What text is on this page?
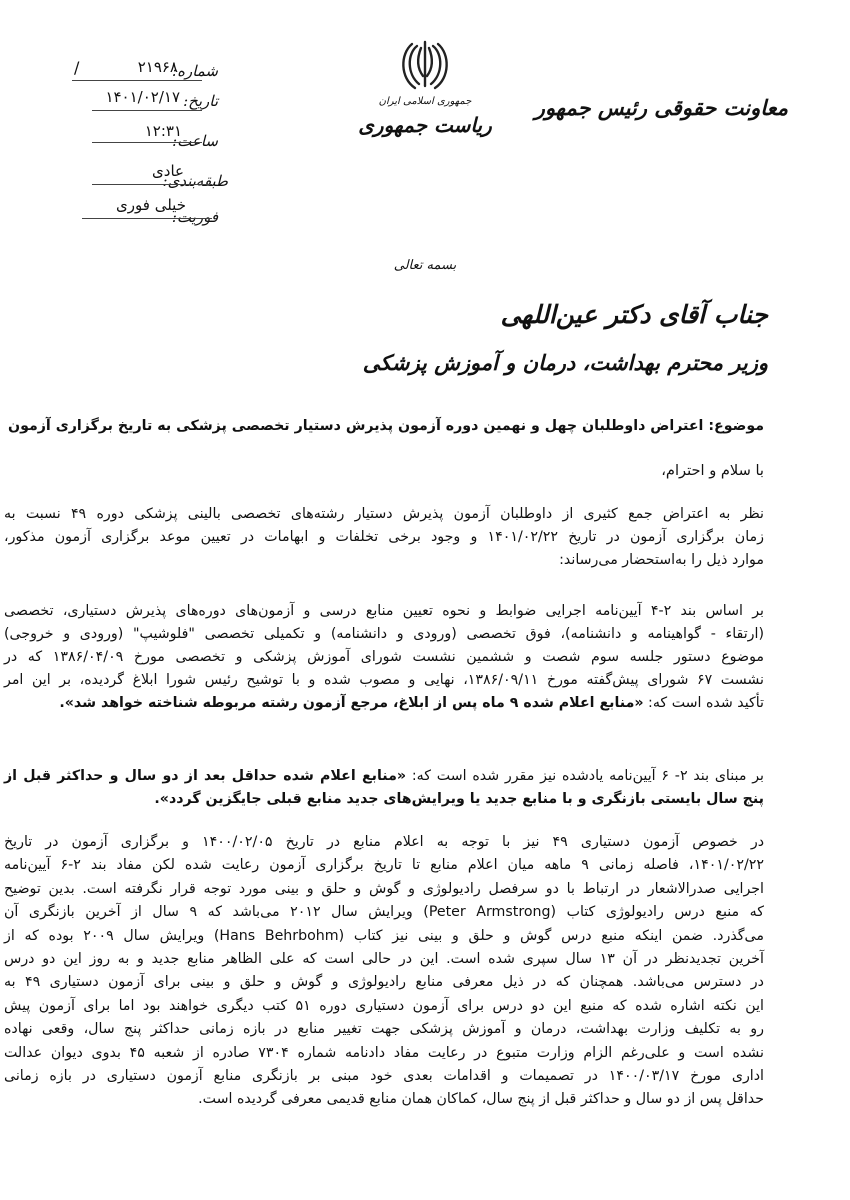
معاونت حقوقی رئیس جمهور
جمهوری اسلامی ایران
ریاست جمهوری
شماره:
۲۱۹۶۸
/
تاریخ:
۱۴۰۱/۰۲/۱۷
ساعت:
۱۲:۳۱
طبقه‌بندی:
عادی
فوریت:
خیلی فوری
بسمه تعالی
جناب آقای دکتر عین‌اللهی
وزیر محترم بهداشت، درمان و آموزش پزشکی
موضوع: اعتراض داوطلبان چهل و نهمین دوره آزمون پذیرش دستیار تخصصی پزشکی به تاریخ برگزاری آزمون
با سلام و احترام،
نظر به اعتراض جمع کثیری از داوطلبان آزمون پذیرش دستیار رشته‌های تخصصی بالینی پزشکی دوره ۴۹ نسبت به
زمان برگزاری آزمون در تاریخ ۱۴۰۱/۰۲/۲۲ و وجود برخی تخلفات و ابهامات در تعیین موعد برگزاری آزمون مذکور،
موارد ذیل را به‌استحضار می‌رساند:
بر اساس بند ۲-۴ آیین‌نامه اجرایی ضوابط و نحوه تعیین منابع درسی و آزمون‌های دوره‌های پذیرش دستیاری، تخصصی
(ارتقاء - گواهینامه و دانشنامه)، فوق تخصصی (ورودی و دانشنامه) و تکمیلی تخصصی "فلوشیپ" (ورودی و خروجی)
موضوع دستور جلسه سوم شصت و ششمین نشست شورای آموزش پزشکی و تخصصی مورخ ۱۳۸۶/۰۴/۰۹ که در
نشست ۶۷ شورای پیش‌گفته مورخ ۱۳۸۶/۰۹/۱۱، نهایی و مصوب شده و با توشیح رئیس شورا ابلاغ گردیده، بر این امر
تأکید شده است که: «منابع اعلام شده ۹ ماه پس از ابلاغ، مرجع آزمون رشته مربوطه شناخته خواهد شد».
بر مبنای بند ۲- ۶ آیین‌نامه یادشده نیز مقرر شده است که: «منابع اعلام شده حداقل بعد از دو سال و حداکثر قبل از
پنج سال بایستی بازنگری و با منابع جدید یا ویرایش‌های جدید منابع قبلی جایگزین گردد».
در خصوص آزمون دستیاری ۴۹ نیز با توجه به اعلام منابع در تاریخ ۱۴۰۰/۰۲/۰۵ و برگزاری آزمون در تاریخ
۱۴۰۱/۰۲/۲۲، فاصله زمانی ۹ ماهه میان اعلام منابع تا تاریخ برگزاری آزمون رعایت شده لکن مفاد بند ۲-۶ آیین‌نامه
اجرایی صدرالاشعار در ارتباط با دو سرفصل رادیولوژی و گوش و حلق و بینی مورد توجه قرار نگرفته است. بدین توضیح
که منبع درس رادیولوژی کتاب (Peter Armstrong) ویرایش سال ۲۰۱۲ می‌باشد که ۹ سال از آخرین بازنگری آن
می‌گذرد. ضمن اینکه منبع درس گوش و حلق و بینی نیز کتاب (Hans Behrbohm) ویرایش سال ۲۰۰۹ بوده که از
آخرین تجدیدنظر در آن ۱۳ سال سپری شده است. این در حالی است که علی الظاهر منابع جدید و به روز این دو درس
در دسترس می‌باشد. همچنان که در ذیل معرفی منابع رادیولوژی و گوش و حلق و بینی برای آزمون دستیاری ۴۹ به
این نکته اشاره شده که منبع این دو درس برای آزمون دستیاری دوره ۵۱ کتب دیگری خواهند بود اما برای آزمون پیش
رو به تکلیف وزارت بهداشت، درمان و آموزش پزشکی جهت تغییر منابع در بازه زمانی حداکثر پنج سال، وقعی نهاده
نشده است و علی‌رغم الزام وزارت متبوع در رعایت مفاد دادنامه شماره ۷۳۰۴ صادره از شعبه ۴۵ بدوی دیوان عدالت
اداری مورخ ۱۴۰۰/۰۳/۱۷ در تصمیمات و اقدامات بعدی خود مبنی بر بازنگری منابع آزمون دستیاری در بازه زمانی
حداقل پس از دو سال و حداکثر قبل از پنج سال، کماکان همان منابع قدیمی معرفی گردیده است.
